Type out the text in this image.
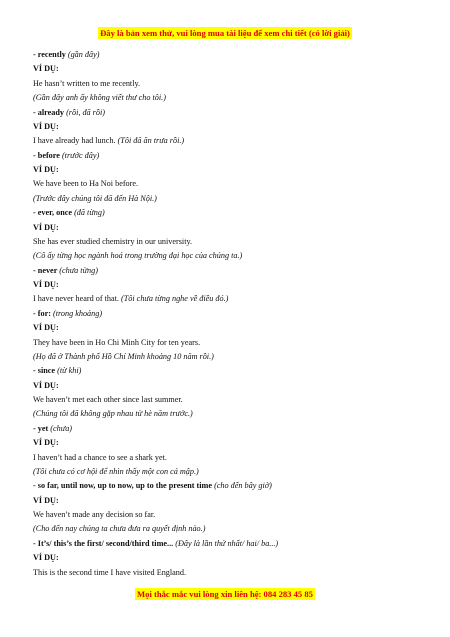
Đây là bản xem thử, vui lòng mua tài liệu để xem chi tiết (có lời giải)
- recently (gần đây)
VÍ DỤ:
He hasn’t written to me recently.
(Gần đây anh ấy không viết thư cho tôi.)
- already (rồi, đã rồi)
VÍ DỤ:
I have already had lunch. (Tôi đã ăn trưa rồi.)
- before (trước đây)
VÍ DỤ:
We have been to Ha Noi before.
(Trước đây chúng tôi đã đến Hà Nội.)
- ever, once (đã từng)
VÍ DỤ:
She has ever studied chemistry in our university.
(Cô ấy từng học ngành hoá trong trường đại học của chúng ta.)
- never (chưa từng)
VÍ DỤ:
I have never heard of that. (Tôi chưa từng nghe về điều đó.)
- for: (trong khoảng)
VÍ DỤ:
They have been in Ho Chi Minh City for ten years.
(Họ đã ở Thành phố Hồ Chí Minh khoảng 10 năm rồi.)
- since (từ khi)
VÍ DỤ:
We haven’t met each other since last summer.
(Chúng tôi đã không gặp nhau từ hè năm trước.)
- yet (chưa)
VÍ DỤ:
I haven’t had a chance to see a shark yet.
(Tôi chưa có cơ hội để nhìn thấy một con cá mập.)
- so far, until now, up to now, up to the present time (cho đến bây giờ)
VÍ DỤ:
We haven’t made any decision so far.
(Cho đến nay chúng ta chưa đưa ra quyết định nào.)
- It’s/ this’s the first/ second/third time... (Đây là lần thứ nhất/ hai/ ba...)
VÍ DỤ:
This is the second time I have visited England.
Mọi thắc mắc vui lòng xin liên hệ: 084 283 45 85
